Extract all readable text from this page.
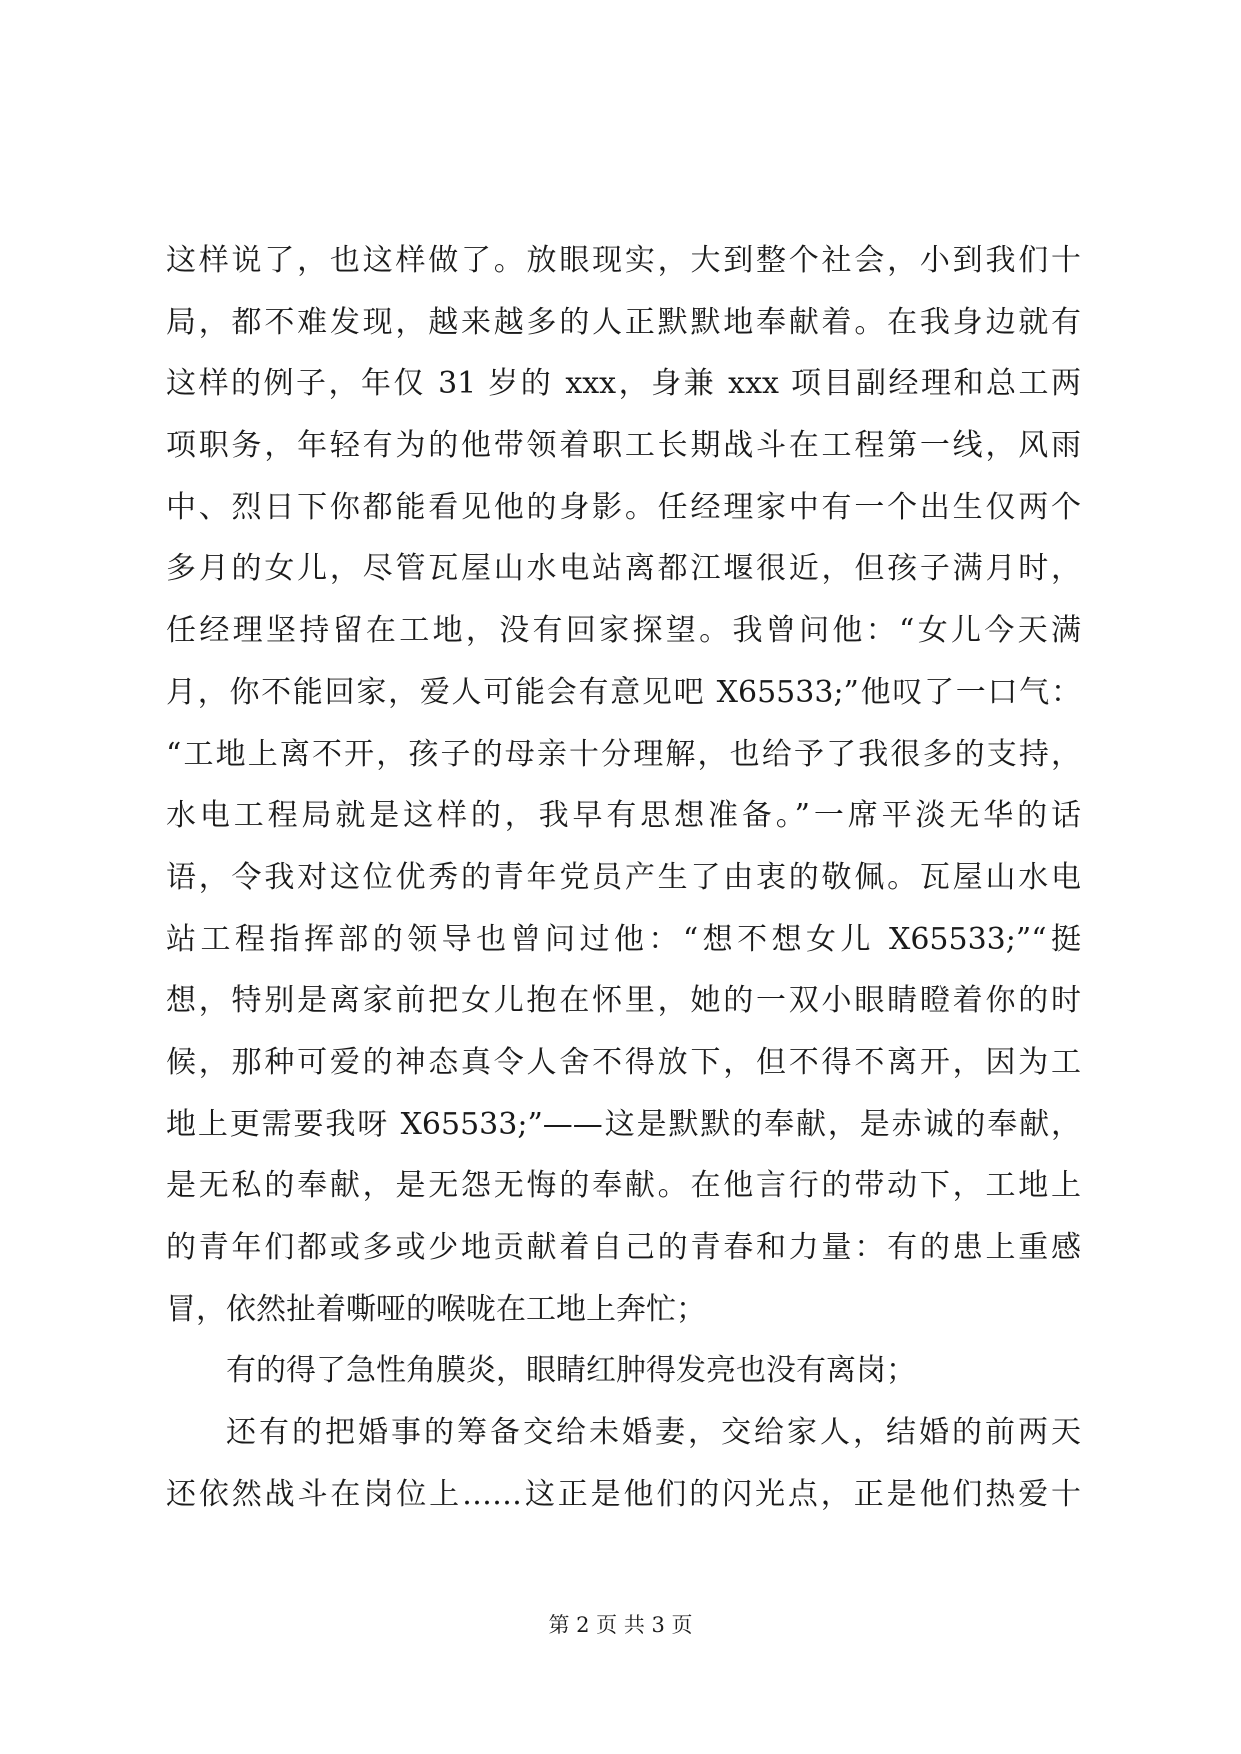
这样说了，也这样做了。放眼现实，大到整个社会，小到我们十
局，都不难发现，越来越多的人正默默地奉献着。在我身边就有
这样的例子，年仅 31 岁的 xxx，身兼 xxx 项目副经理和总工两
项职务，年轻有为的他带领着职工长期战斗在工程第一线，风雨
中、烈日下你都能看见他的身影。任经理家中有一个出生仅两个
多月的女儿，尽管瓦屋山水电站离都江堰很近，但孩子满月时，
任经理坚持留在工地，没有回家探望。我曾问他：“女儿今天满
月，你不能回家，爱人可能会有意见吧 X65533;”他叹了一口气：
“工地上离不开，孩子的母亲十分理解，也给予了我很多的支持，
水电工程局就是这样的，我早有思想准备。”一席平淡无华的话
语，令我对这位优秀的青年党员产生了由衷的敬佩。瓦屋山水电
站工程指挥部的领导也曾问过他：“想不想女儿 X65533;”“挺
想，特别是离家前把女儿抱在怀里，她的一双小眼睛瞪着你的时
候，那种可爱的神态真令人舍不得放下，但不得不离开，因为工
地上更需要我呀 X65533;”——这是默默的奉献，是赤诚的奉献，
是无私的奉献，是无怨无悔的奉献。在他言行的带动下，工地上
的青年们都或多或少地贡献着自己的青春和力量：有的患上重感
冒，依然扯着嘶哑的喉咙在工地上奔忙；
有的得了急性角膜炎，眼睛红肿得发亮也没有离岗；
还有的把婚事的筹备交给未婚妻，交给家人，结婚的前两天
还依然战斗在岗位上……这正是他们的闪光点，正是他们热爱十
第 2 页 共 3 页
